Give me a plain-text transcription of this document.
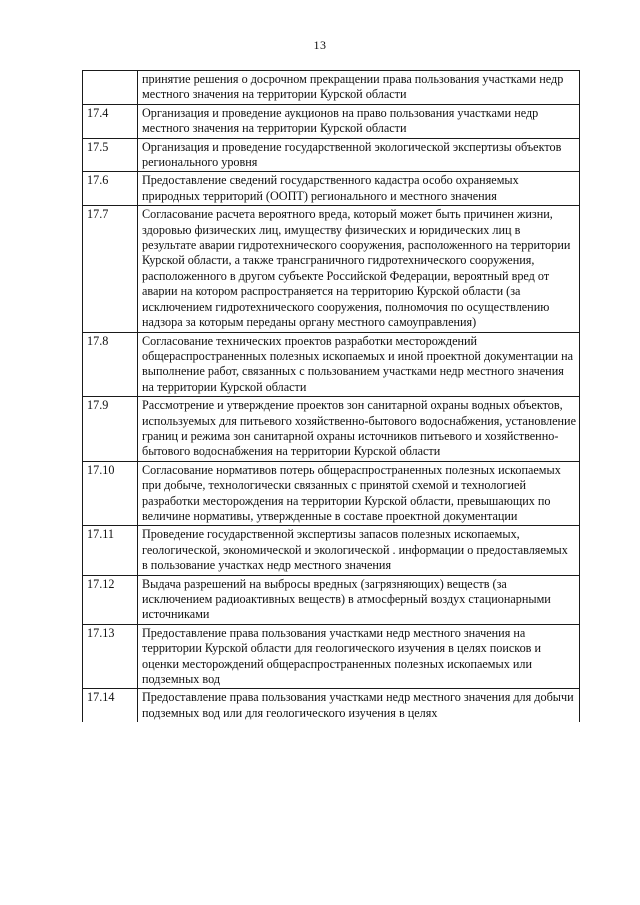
13
	принятие решения о досрочном прекращении права пользования участками недр местного значения на территории Курской области
17.4	Организация и проведение аукционов на право пользования участками недр местного значения на территории Курской области
17.5	Организация и проведение государственной экологической экспертизы объектов регионального уровня
17.6	Предоставление сведений государственного кадастра особо охраняемых природных территорий (ООПТ) регионального и местного значения
17.7	Согласование расчета вероятного вреда, который может быть причинен жизни, здоровью физических лиц, имуществу физических и юридических лиц в результате аварии гидротехнического сооружения, расположенного на территории Курской области, а также трансграничного гидротехнического сооружения, расположенного в другом субъекте Российской Федерации, вероятный вред от аварии на котором распространяется на территорию Курской области (за исключением гидротехнического сооружения, полномочия по осуществлению надзора за которым переданы органу местного самоуправления)
17.8	Согласование технических проектов разработки месторождений общераспространенных полезных ископаемых и иной проектной документации на выполнение работ, связанных с пользованием участками недр местного значения на территории Курской области
17.9	Рассмотрение и утверждение проектов зон санитарной охраны водных объектов, используемых для питьевого хозяйственно-бытового водоснабжения, установление границ и режима зон санитарной охраны источников питьевого и хозяйственно-бытового водоснабжения на территории Курской области
17.10	Согласование нормативов потерь общераспространенных полезных ископаемых при добыче, технологически связанных с принятой схемой и технологией разработки месторождения на территории Курской области, превышающих по величине нормативы, утвержденные в составе проектной документации
17.11	Проведение государственной экспертизы запасов полезных ископаемых, геологической, экономической и экологической . информации о предоставляемых в пользование участках недр местного значения
17.12	Выдача разрешений на выбросы вредных (загрязняющих) веществ (за исключением радиоактивных веществ) в атмосферный воздух стационарными источниками
17.13	Предоставление права пользования участками недр местного значения на территории Курской области для геологического изучения в целях поисков и оценки месторождений общераспространенных полезных ископаемых или подземных вод
17.14	Предоставление права пользования участками недр местного значения для добычи подземных вод или для геологического изучения в целях
